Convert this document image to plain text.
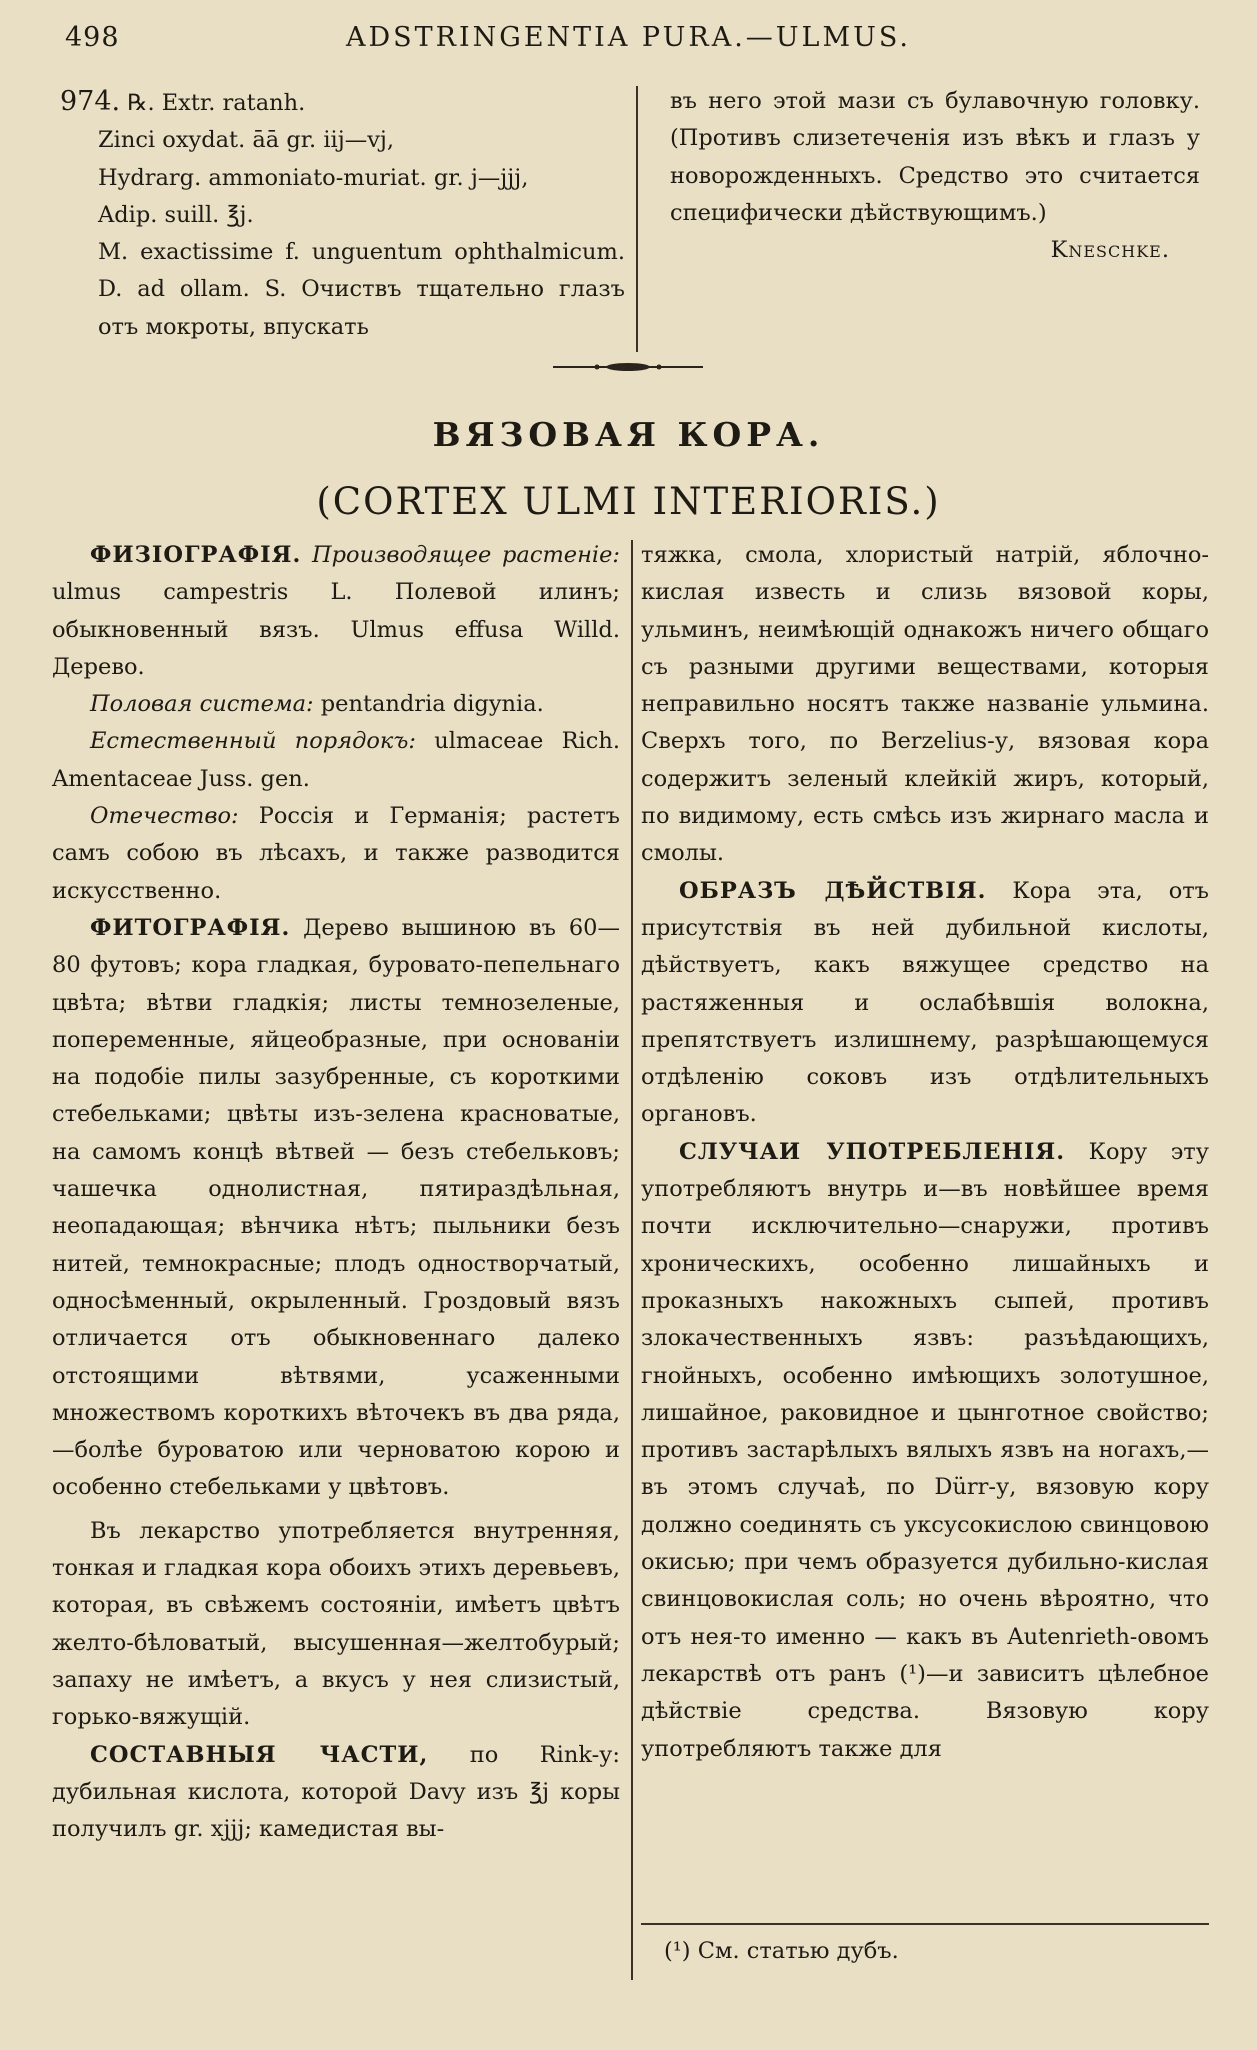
498	ADSTRINGENTIA PURA.—ULMUS.

974. ℞. Extr. ratanh.

Zinci oxydat. āā gr. iij—vj,

Hydrarg. ammoniato-muriat. gr. j—jjj,

Adip. suill. ℥j.

M. exactissime f. unguentum ophthalmicum. D. ad ollam. S. Очиствъ тщательно глазъ отъ мокроты, впускать

въ него этой мази съ булавочную головку. (Противъ слизетеченія изъ вѣкъ и глазъ у новорожденныхъ. Средство это считается специфически дѣйствующимъ.)

Kneschke.

ВЯЗОВАЯ КОРА.
(CORTEX ULMI INTERIORIS.)

ФИЗІОГРАФІЯ. Производящее растеніе: ulmus campestris L. Полевой илинъ; обыкновенный вязъ. Ulmus effusa Willd. Дерево.

Половая система: pentandria digynia.

Естественный порядокъ: ulmaceae Rich. Amentaceae Juss. gen.

Отечество: Россія и Германія; растетъ самъ собою въ лѣсахъ, и также разводится искусственно.

ФИТОГРАФІЯ. Дерево вышиною въ 60—80 футовъ; кора гладкая, буровато-пепельнаго цвѣта; вѣтви гладкія; листы темнозеленые, попеременные, яйцеобразные, при основаніи на подобіе пилы зазубренные, съ короткими стебельками; цвѣты изъ-зелена красноватые, на самомъ концѣ вѣтвей — безъ стебельковъ; чашечка однолистная, пятираздѣльная, неопадающая; вѣнчика нѣтъ; пыльники безъ нитей, темнокрасные; плодъ одностворчатый, односѣменный, окрыленный. Гроздовый вязъ отличается отъ обыкновеннаго далеко отстоящими вѣтвями, усаженными множествомъ короткихъ вѣточекъ въ два ряда,—болѣе буроватою или черноватою корою и особенно стебельками у цвѣтовъ.

Въ лекарство употребляется внутренняя, тонкая и гладкая кора обоихъ этихъ деревьевъ, которая, въ свѣжемъ состояніи, имѣетъ цвѣтъ желто-бѣловатый, высушенная—желтобурый; запаху не имѣетъ, а вкусъ у нея слизистый, горько-вяжущій.

СОСТАВНЫЯ ЧАСТИ, по Rink-у: дубильная кислота, которой Davy изъ ℥j коры получилъ gr. xjjj; камедистая вы-

тяжка, смола, хлористый натрій, яблочно-кислая известь и слизь вязовой коры, ульминъ, неимѣющій однакожъ ничего общаго съ разными другими веществами, которыя неправильно носятъ также названіе ульмина. Сверхъ того, по Berzelius-у, вязовая кора содержитъ зеленый клейкій жиръ, который, по видимому, есть смѣсь изъ жирнаго масла и смолы.

ОБРАЗЪ ДѢЙСТВІЯ. Кора эта, отъ присутствія въ ней дубильной кислоты, дѣйствуетъ, какъ вяжущее средство на растяженныя и ослабѣвшія волокна, препятствуетъ излишнему, разрѣшающемуся отдѣленію соковъ изъ отдѣлительныхъ органовъ.

СЛУЧАИ УПОТРЕБЛЕНІЯ. Кору эту употребляютъ внутрь и—въ новѣйшее время почти исключительно—снаружи, противъ хроническихъ, особенно лишайныхъ и проказныхъ накожныхъ сыпей, противъ злокачественныхъ язвъ: разъѣдающихъ, гнойныхъ, особенно имѣющихъ золотушное, лишайное, раковидное и цынготное свойство; противъ застарѣлыхъ вялыхъ язвъ на ногахъ,—въ этомъ случаѣ, по Dürr-у, вязовую кору должно соединять съ уксусокислою свинцовою окисью; при чемъ образуется дубильно-кислая свинцовокислая соль; но очень вѣроятно, что отъ нея-то именно — какъ въ Autenrieth-овомъ лекарствѣ отъ ранъ (¹)—и зависитъ цѣлебное дѣйствіе средства. Вязовую кору употребляютъ также для

(¹) См. статью дубъ.
